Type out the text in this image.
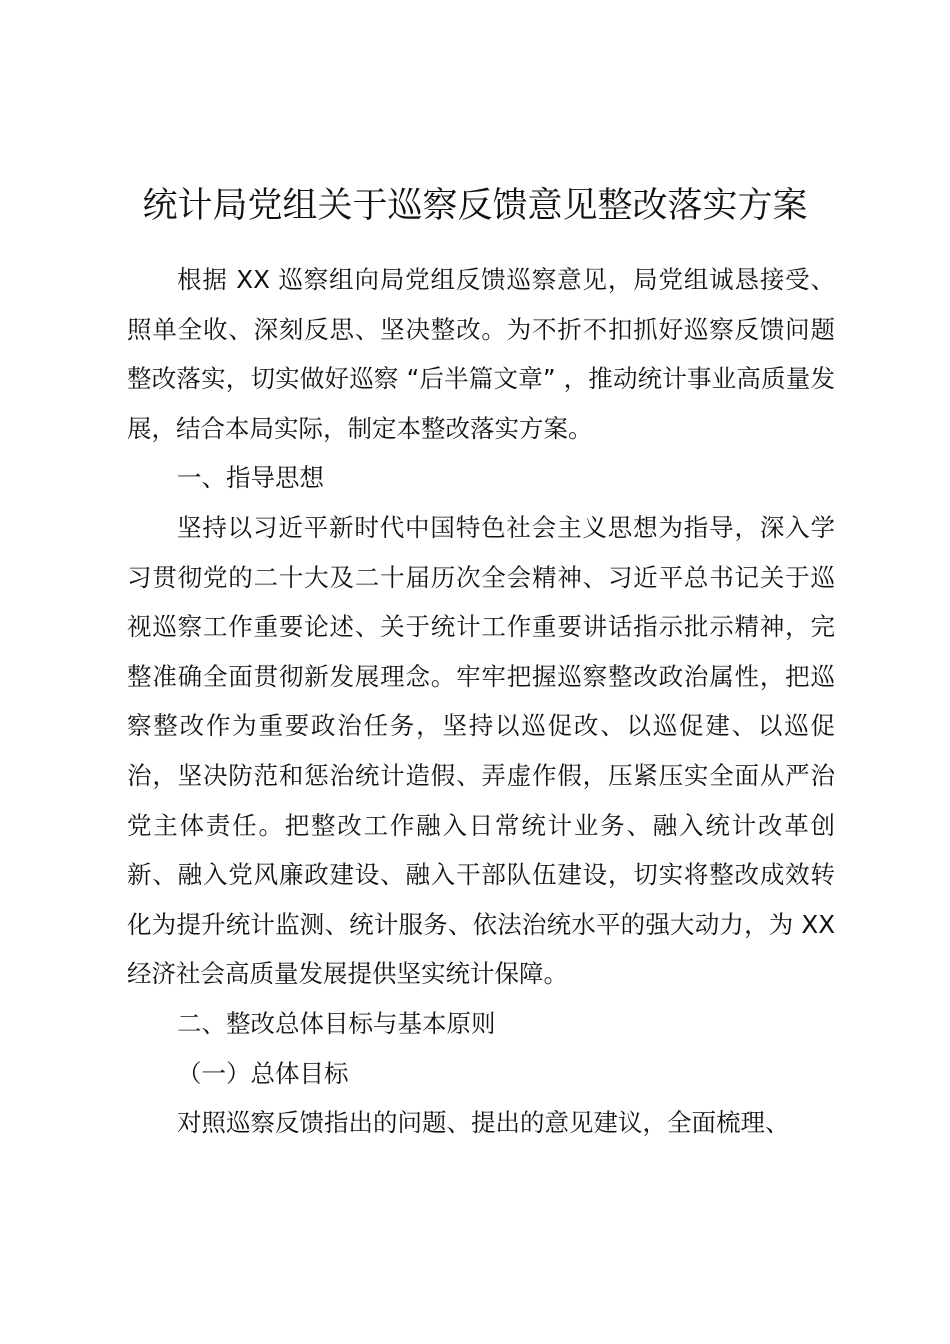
统计局党组关于巡察反馈意见整改落实方案

根据 XX 巡察组向局党组反馈巡察意见，局党组诚恳接受、照单全收、深刻反思、坚决整改。为不折不扣抓好巡察反馈问题整改落实，切实做好巡察 “后半篇文章” ，推动统计事业高质量发展，结合本局实际，制定本整改落实方案。

一、指导思想

坚持以习近平新时代中国特色社会主义思想为指导，深入学习贯彻党的二十大及二十届历次全会精神、习近平总书记关于巡视巡察工作重要论述、关于统计工作重要讲话指示批示精神，完整准确全面贯彻新发展理念。牢牢把握巡察整改政治属性，把巡察整改作为重要政治任务，坚持以巡促改、以巡促建、以巡促治，坚决防范和惩治统计造假、弄虚作假，压紧压实全面从严治党主体责任。把整改工作融入日常统计业务、融入统计改革创新、融入党风廉政建设、融入干部队伍建设，切实将整改成效转化为提升统计监测、统计服务、依法治统水平的强大动力，为 XX 经济社会高质量发展提供坚实统计保障。

二、整改总体目标与基本原则

（一）总体目标

对照巡察反馈指出的问题、提出的意见建议，全面梳理、
